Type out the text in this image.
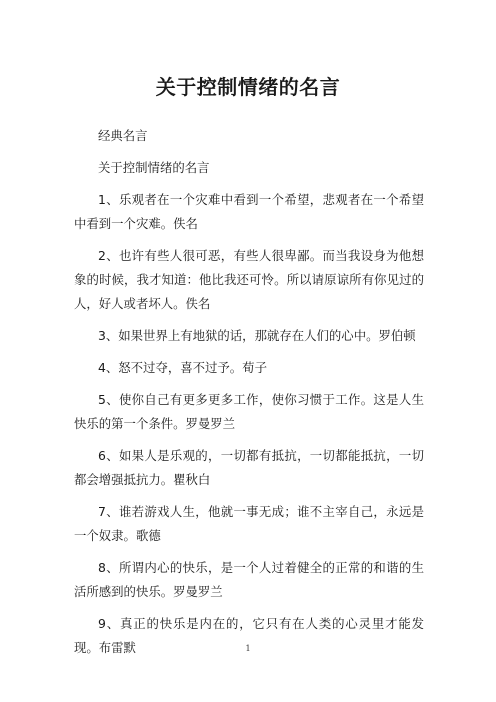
关于控制情绪的名言

经典名言

关于控制情绪的名言

1、乐观者在一个灾难中看到一个希望，悲观者在一个希望中看到一个灾难。佚名

2、也许有些人很可恶，有些人很卑鄙。而当我设身为他想象的时候，我才知道：他比我还可怜。所以请原谅所有你见过的人，好人或者坏人。佚名

3、如果世界上有地狱的话，那就存在人们的心中。罗伯顿

4、怒不过夺，喜不过予。荀子

5、使你自己有更多更多工作，使你习惯于工作。这是人生快乐的第一个条件。罗曼罗兰

6、如果人是乐观的，一切都有抵抗，一切都能抵抗，一切都会增强抵抗力。瞿秋白

7、谁若游戏人生，他就一事无成；谁不主宰自己，永远是一个奴隶。歌德

8、所谓内心的快乐，是一个人过着健全的正常的和谐的生活所感到的快乐。罗曼罗兰

9、真正的快乐是内在的，它只有在人类的心灵里才能发现。布雷默	1
